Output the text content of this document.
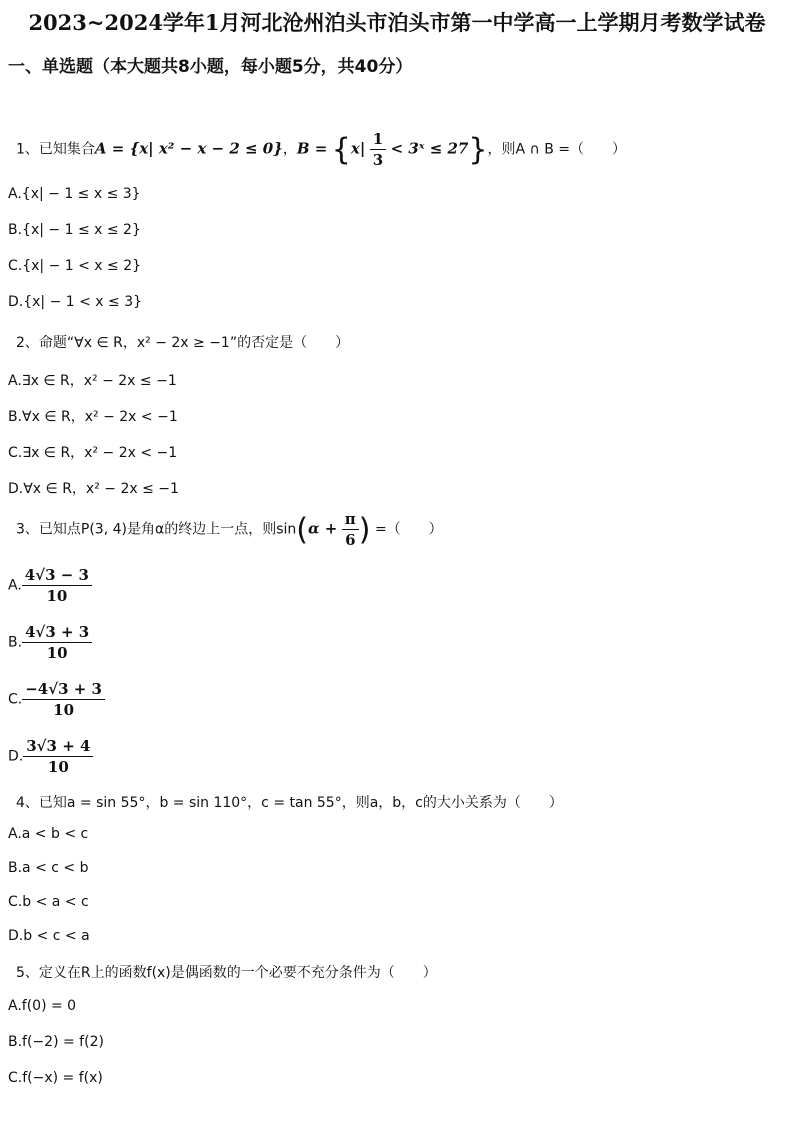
2023~2024学年1月河北沧州泊头市泊头市第一中学高一上学期月考数学试卷
一、单选题（本大题共8小题，每小题5分，共40分）
1、已知集合A = {x| x² − x − 2 ≤ 0}，$B = \{x| \frac{1}{3}$ < 3ˣ ≤ 27}，则A ∩ B =（　　）
A.{x| − 1 ≤ x ≤ 3}
B.{x| − 1 ≤ x ≤ 2}
C.{x| − 1 < x ≤ 2}
D.{x| − 1 < x ≤ 3}
2、命题“∀x ∈ R，x² − 2x ≥ −1”的否定是（　　）
A.∃x ∈ R，x² − 2x ≤ −1
B.∀x ∈ R，x² − 2x < −1
C.∃x ∈ R，x² − 2x < −1
D.∀x ∈ R，x² − 2x ≤ −1
3、已知点P(3, 4)是角α的终边上一点，则$\sin(\alpha + \frac{\pi}{6}$ ) =（　　）
A. $\frac{4√3 - 3}{10}$
B. $\frac{4√3 + 3}{10}$
C. $\frac{-4√3 + 3}{10}$
D. $\frac{3√3 + 4}{10}$
4、已知a = sin 55°，b = sin 110°，c = tan 55°，则a，b，c的大小关系为（　　）
A.a < b < c
B.a < c < b
C.b < a < c
D.b < c < a
5、定义在R上的函数f(x)是偶函数的一个必要不充分条件为（　　）
A.f(0) = 0
B.f(−2) = f(2)
C.f(−x) = f(x)
